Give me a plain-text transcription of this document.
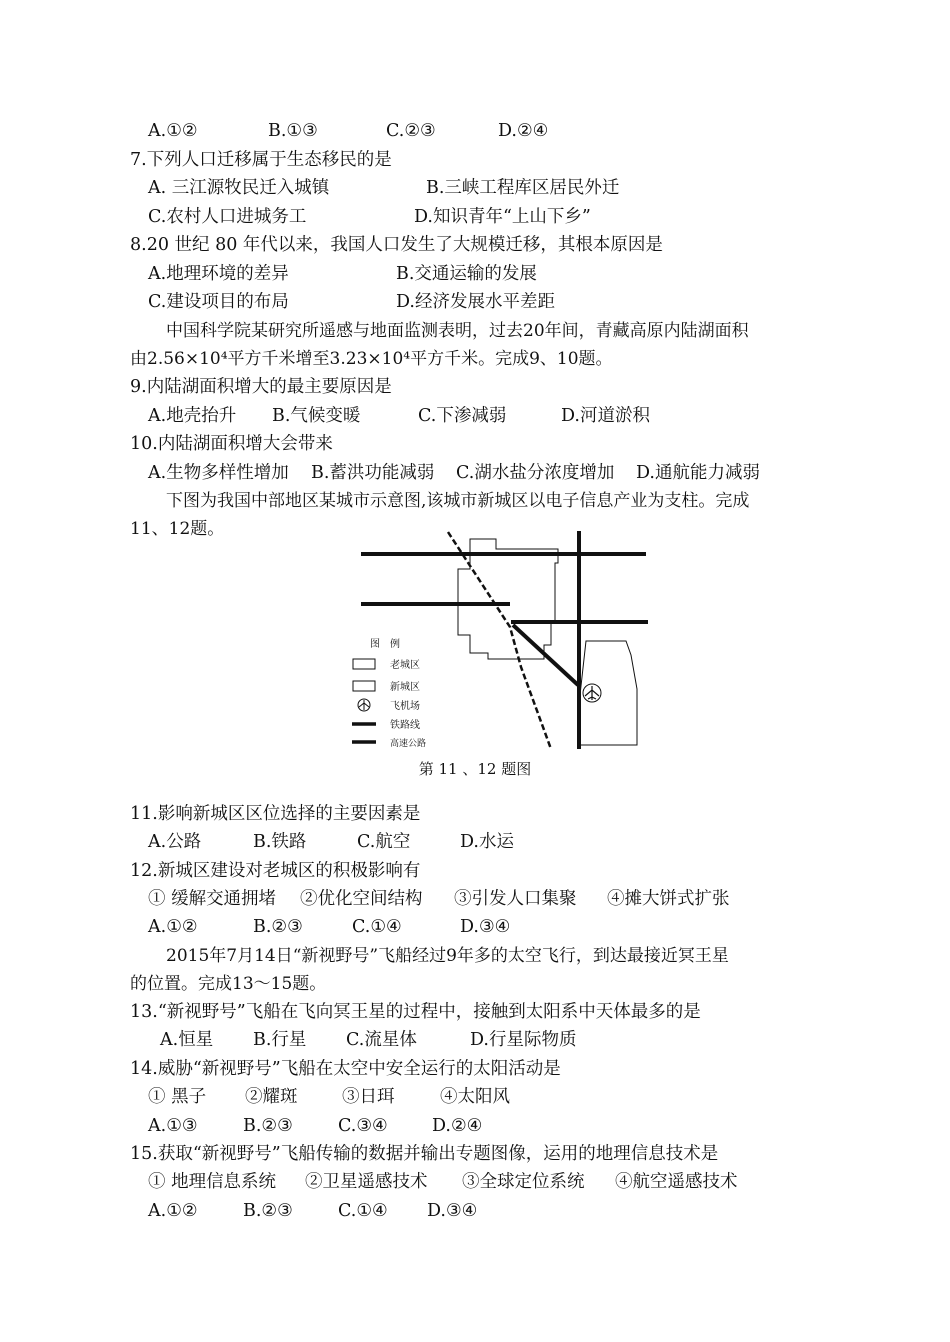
A.①②	B.①③	C.②③	D.②④
7.下列人口迁移属于生态移民的是
A. 三江源牧民迁入城镇	B.三峡工程库区居民外迁
C.农村人口进城务工	D.知识青年“上山下乡”
8.20 世纪 80 年代以来，我国人口发生了大规模迁移，其根本原因是
A.地理环境的差异	B.交通运输的发展
C.建设项目的布局	D.经济发展水平差距
中国科学院某研究所遥感与地面监测表明，过去20年间，青藏高原内陆湖面积
由2.56×10⁴平方千米增至3.23×10⁴平方千米。完成9、10题。
9.内陆湖面积增大的最主要原因是
A.地壳抬升 B.气候变暖	C.下渗减弱	D.河道淤积
10.内陆湖面积增大会带来
A.生物多样性增加 B.蓄洪功能减弱 C.湖水盐分浓度增加 D.通航能力减弱
下图为我国中部地区某城市示意图,该城市新城区以电子信息产业为支柱。完成
11、12题。
图　例
老城区
新城区
飞机场
铁路线
高速公路
第 11 、12 题图
11.影响新城区区位选择的主要因素是
A.公路	B.铁路	C.航空	D.水运
12.新城区建设对老城区的积极影响有
① 缓解交通拥堵 ②优化空间结构 ③引发人口集聚 ④摊大饼式扩张
A.①②	B.②③	C.①④	D.③④
2015年7月14日“新视野号”飞船经过9年多的太空飞行，到达最接近冥王星
的位置。完成13～15题。
13.“新视野号”飞船在飞向冥王星的过程中，接触到太阳系中天体最多的是
A.恒星 B.行星 C.流星体	D.行星际物质
14.威胁“新视野号”飞船在太空中安全运行的太阳活动是
① 黑子 ②耀斑	③日珥	④太阳风
A.①③	B.②③	C.③④	D.②④
15.获取“新视野号”飞船传输的数据并输出专题图像，运用的地理信息技术是
① 地理信息系统 ②卫星遥感技术 ③全球定位系统 ④航空遥感技术
A.①②	B.②③	C.①④ D.③④
